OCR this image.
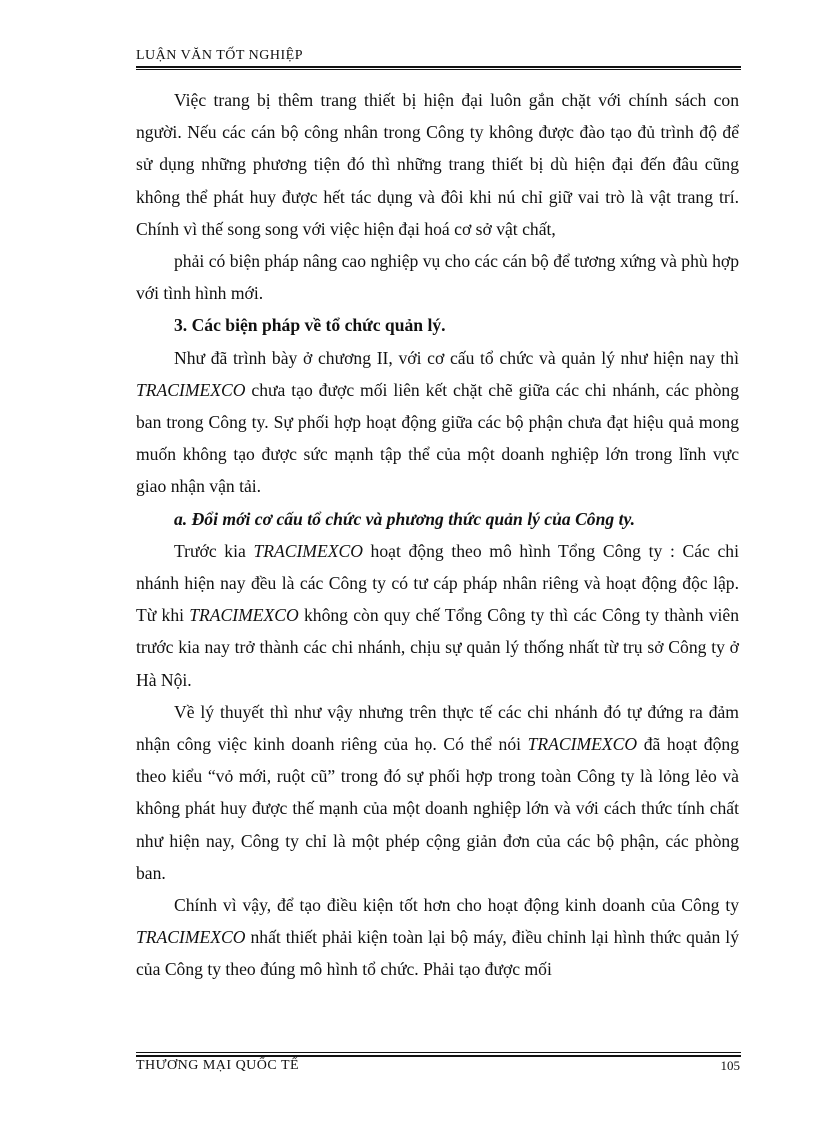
LUẬN VĂN TỐT NGHIỆP

Việc trang bị thêm trang thiết bị hiện đại luôn gắn chặt với chính sách con người. Nếu các cán bộ công nhân trong Công ty không được đào tạo đủ trình độ để sử dụng những phương tiện đó thì những trang thiết bị dù hiện đại đến đâu cũng không thể phát huy được hết tác dụng và đôi khi nú chỉ giữ vai trò là vật trang trí. Chính vì thế song song với việc hiện đại hoá cơ sở vật chất,

phải có biện pháp nâng cao nghiệp vụ cho các cán bộ để tương xứng và phù hợp với tình hình mới.

3. Các biện pháp về tổ chức quản lý.

Như đã trình bày ở chương II, với cơ cấu tổ chức và quản lý như hiện nay thì TRACIMEXCO chưa tạo được mối liên kết chặt chẽ giữa các chi nhánh, các phòng ban trong Công ty. Sự phối hợp hoạt động giữa các bộ phận chưa đạt hiệu quả mong muốn không tạo được sức mạnh tập thể của một doanh nghiệp lớn trong lĩnh vực giao nhận vận tải.

a. Đổi mới cơ cấu tổ chức và phương thức quản lý của Công ty.

Trước kia TRACIMEXCO hoạt động theo mô hình Tổng Công ty : Các chi nhánh hiện nay đều là các Công ty có tư cáp pháp nhân riêng và hoạt động độc lập. Từ khi TRACIMEXCO không còn quy chế Tổng Công ty thì các Công ty thành viên trước kia nay trở thành các chi nhánh, chịu sự quản lý thống nhất từ trụ sở Công ty ở Hà Nội.

Về lý thuyết thì như vậy nhưng trên thực tế các chi nhánh đó tự đứng ra đảm nhận công việc kinh doanh riêng của họ. Có thể nói TRACIMEXCO đã hoạt động theo kiểu “vỏ mới, ruột cũ” trong đó sự phối hợp trong toàn Công ty là lỏng lẻo và không phát huy được thế mạnh của một doanh nghiệp lớn và với cách thức tính chất như hiện nay, Công ty chỉ là một phép cộng giản đơn của các bộ phận, các phòng ban.

Chính vì vậy, để tạo điều kiện tốt hơn cho hoạt động kinh doanh của Công ty TRACIMEXCO nhất thiết phải kiện toàn lại bộ máy, điều chỉnh lại hình thức quản lý của Công ty theo đúng mô hình tổ chức. Phải tạo được mối

THƯƠNG MẠI QUỐC TẾ	105
